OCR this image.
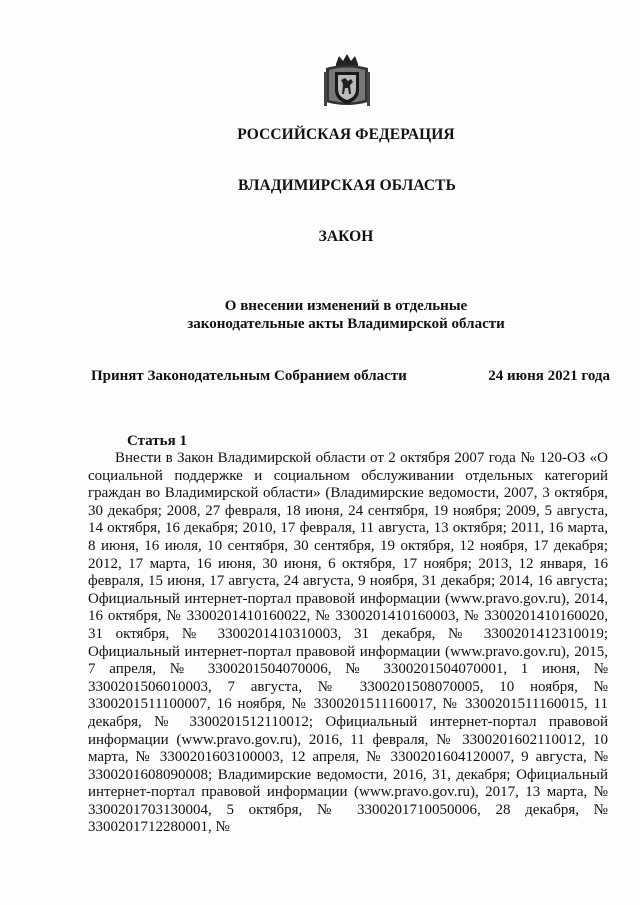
РОССИЙСКАЯ ФЕДЕРАЦИЯ
ВЛАДИМИРСКАЯ ОБЛАСТЬ
ЗАКОН
О внесении изменений в отдельные
законодательные акты Владимирской области
Принят Законодательным Собранием области	24 июня 2021 года
Статья 1
Внести в Закон Владимирской области от 2 октября 2007 года № 120-ОЗ «О социальной поддержке и социальном обслуживании отдельных категорий граждан во Владимирской области» (Владимирские ведомости, 2007, 3 октября, 30 декабря; 2008, 27 февраля, 18 июня, 24 сентября, 19 ноября; 2009, 5 августа, 14 октября, 16 декабря; 2010, 17 февраля, 11 августа, 13 октября; 2011, 16 марта, 8 июня, 16 июля, 10 сентября, 30 сентября, 19 октября, 12 ноября, 17 декабря; 2012, 17 марта, 16 июня, 30 июня, 6 октября, 17 ноября; 2013, 12 января, 16 февраля, 15 июня, 17 августа, 24 августа, 9 ноября, 31 декабря; 2014, 16 августа; Официальный интернет-портал правовой информации (www.pravo.gov.ru), 2014, 16 октября, № 3300201410160022, № 3300201410160003, № 3300201410160020, 31 октября, № 3300201410310003, 31 декабря, № 3300201412310019; Официальный интернет-портал правовой информации (www.pravo.gov.ru), 2015, 7 апреля, № 3300201504070006, № 3300201504070001, 1 июня, № 3300201506010003, 7 августа, № 3300201508070005, 10 ноября, № 3300201511100007, 16 ноября, № 3300201511160017, № 3300201511160015, 11 декабря, № 3300201512110012; Официальный интернет-портал правовой информации (www.pravo.gov.ru), 2016, 11 февраля, № 3300201602110012, 10 марта, № 3300201603100003, 12 апреля, № 3300201604120007, 9 августа, № 3300201608090008; Владимирские ведомости, 2016, 31, декабря; Официальный интернет-портал правовой информации (www.pravo.gov.ru), 2017, 13 марта, № 3300201703130004, 5 октября, № 3300201710050006, 28 декабря, № 3300201712280001, №
